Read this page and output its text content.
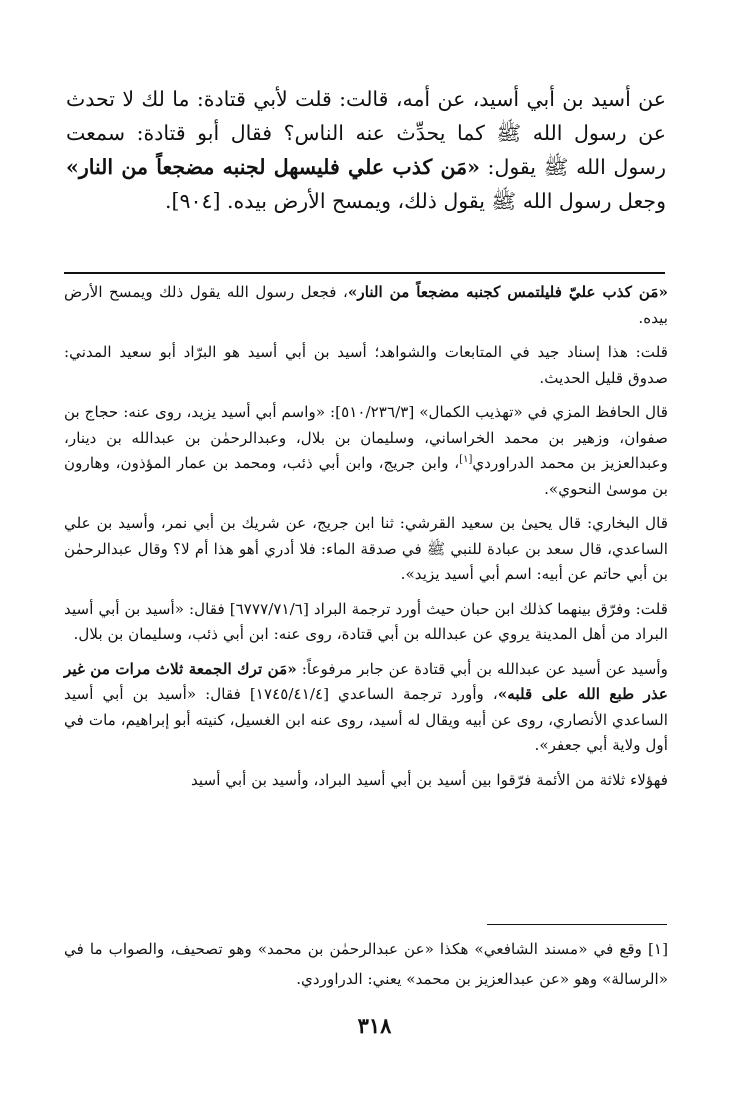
عن أسيد بن أبي أسيد، عن أمه، قالت: قلت لأبي قتادة: ما لك لا تحدث عن رسول الله ﷺ كما يحدِّث عنه الناس؟ فقال أبو قتادة: سمعت رسول الله ﷺ يقول: «مَن كذب علي فليسهل لجنبه مضجعاً من النار» وجعل رسول الله ﷺ يقول ذلك، ويمسح الأرض بيده. [٩٠٤].

«مَن كذب عليّ فليلتمس كجنبه مضجعاً من النار»، فجعل رسول الله يقول ذلك ويمسح الأرض بيده.

قلت: هذا إسناد جيد في المتابعات والشواهد؛ أسيد بن أبي أسيد هو البرّاد أبو سعيد المدني: صدوق قليل الحديث.

قال الحافظ المزي في «تهذيب الكمال» [٥١٠/٢٣٦/٣]: «واسم أبي أسيد يزيد، روى عنه: حجاج بن صفوان، وزهير بن محمد الخراساني، وسليمان بن بلال، وعبدالرحمٰن بن عبدالله بن دينار، وعبدالعزيز بن محمد الدراوردي[١]، وابن جريج، وابن أبي ذئب، ومحمد بن عمار المؤذون، وهارون بن موسىٰ النحوي».

قال البخاري: قال يحيىٰ بن سعيد القرشي: ثنا ابن جريج، عن شريك بن أبي نمر، وأسيد بن علي الساعدي، قال سعد بن عبادة للنبي ﷺ في صدقة الماء: فلا أدري أهو هذا أم لا؟ وقال عبدالرحمٰن بن أبي حاتم عن أبيه: اسم أبي أسيد يزيد».

قلت: وفرّق بينهما كذلك ابن حبان حيث أورد ترجمة البراد [٦٧٧٧/٧١/٦] فقال: «أسيد بن أبي أسيد البراد من أهل المدينة يروي عن عبدالله بن أبي قتادة، روى عنه: ابن أبي ذئب، وسليمان بن بلال.

وأسيد عن أسيد عن عبدالله بن أبي قتادة عن جابر مرفوعاً: «مَن ترك الجمعة ثلاث مرات من غير عذر طبع الله على قلبه»، وأورد ترجمة الساعدي [١٧٤٥/٤١/٤] فقال: «أسيد بن أبي أسيد الساعدي الأنصاري، روى عن أبيه ويقال له أسيد، روى عنه ابن الغسيل، كنيته أبو إبراهيم، مات في أول ولاية أبي جعفر».

فهؤلاء ثلاثة من الأئمة فرّقوا بين أسيد بن أبي أسيد البراد، وأسيد بن أبي أسيد

[١] وقع في «مسند الشافعي» هكذا «عن عبدالرحمٰن بن محمد» وهو تصحيف، والصواب ما في «الرسالة» وهو «عن عبدالعزيز بن محمد» يعني: الدراوردي.

٣١٨
